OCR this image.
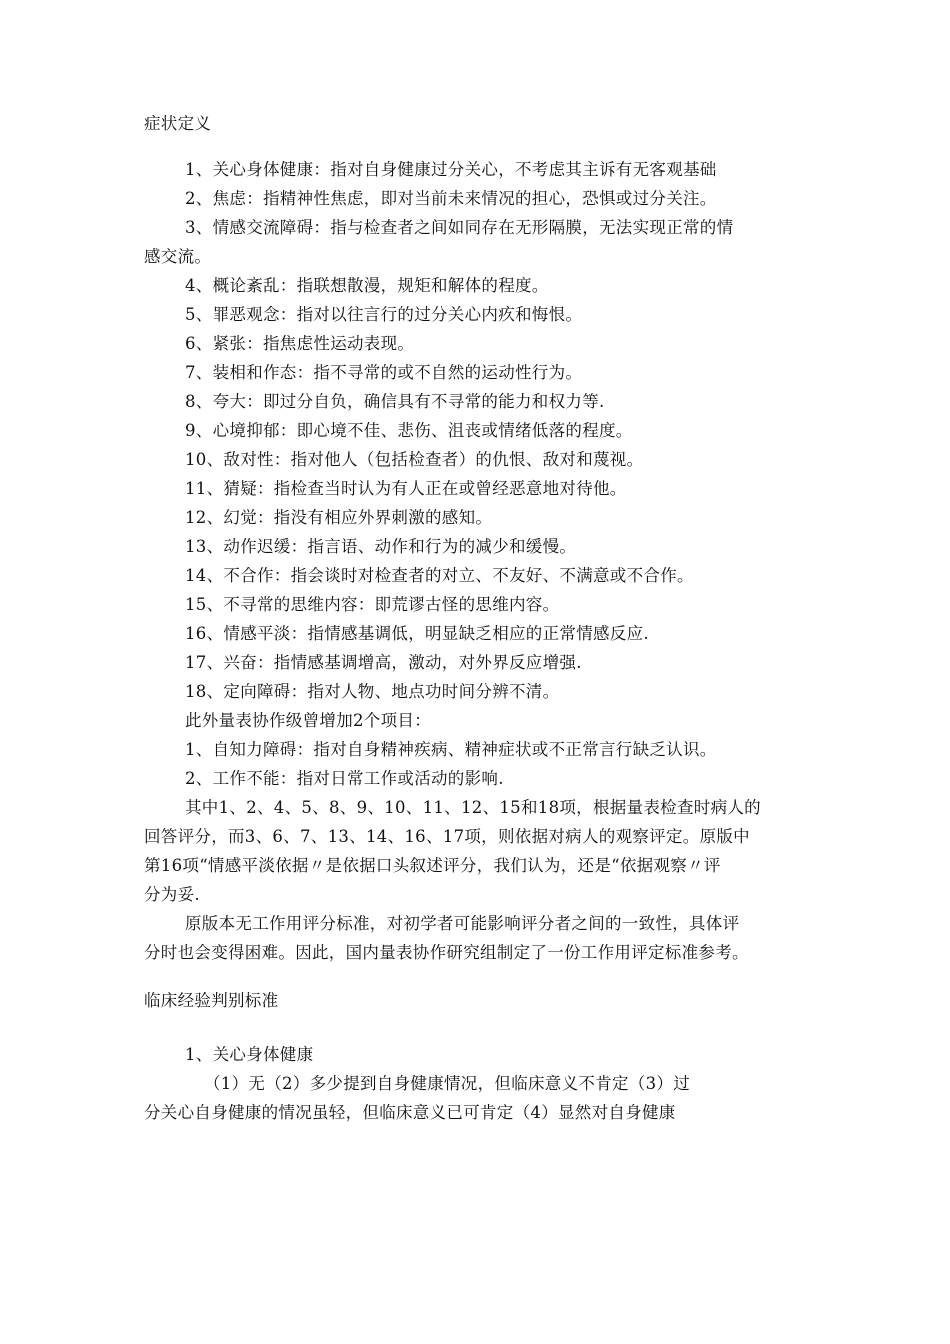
症状定义
1、关心身体健康：指对自身健康过分关心，不考虑其主诉有无客观基础
2、焦虑：指精神性焦虑，即对当前未来情况的担心，恐惧或过分关注。
3、情感交流障碍：指与检查者之间如同存在无形隔膜，无法实现正常的情
感交流。
4、概论紊乱：指联想散漫，规矩和解体的程度。
5、罪恶观念：指对以往言行的过分关心内疚和悔恨。
6、紧张：指焦虑性运动表现。
7、装相和作态：指不寻常的或不自然的运动性行为。
8、夸大：即过分自负，确信具有不寻常的能力和权力等.
9、心境抑郁：即心境不佳、悲伤、沮丧或情绪低落的程度。
10、敌对性：指对他人（包括检查者）的仇恨、敌对和蔑视。
11、猜疑：指检查当时认为有人正在或曾经恶意地对待他。
12、幻觉：指没有相应外界刺激的感知。
13、动作迟缓：指言语、动作和行为的减少和缓慢。
14、不合作：指会谈时对检查者的对立、不友好、不满意或不合作。
15、不寻常的思维内容：即荒谬古怪的思维内容。
16、情感平淡：指情感基调低，明显缺乏相应的正常情感反应.
17、兴奋：指情感基调增高，激动，对外界反应增强.
18、定向障碍：指对人物、地点功时间分辨不清。
此外量表协作级曾增加2个项目：
1、自知力障碍：指对自身精神疾病、精神症状或不正常言行缺乏认识。
2、工作不能：指对日常工作或活动的影响.
其中1、2、4、5、8、9、10、11、12、15和18项，根据量表检查时病人的
回答评分，而3、6、7、13、14、16、17项，则依据对病人的观察评定。原版中
第16项“情感平淡依据〃是依据口头叙述评分，我们认为，还是“依据观察〃评
分为妥.
原版本无工作用评分标准，对初学者可能影响评分者之间的一致性，具体评
分时也会变得困难。因此，国内量表协作研究组制定了一份工作用评定标准参考。
临床经验判别标准
1、关心身体健康
（1）无（2）多少提到自身健康情况，但临床意义不肯定（3）过
分关心自身健康的情况虽轻，但临床意义已可肯定（4）显然对自身健康
